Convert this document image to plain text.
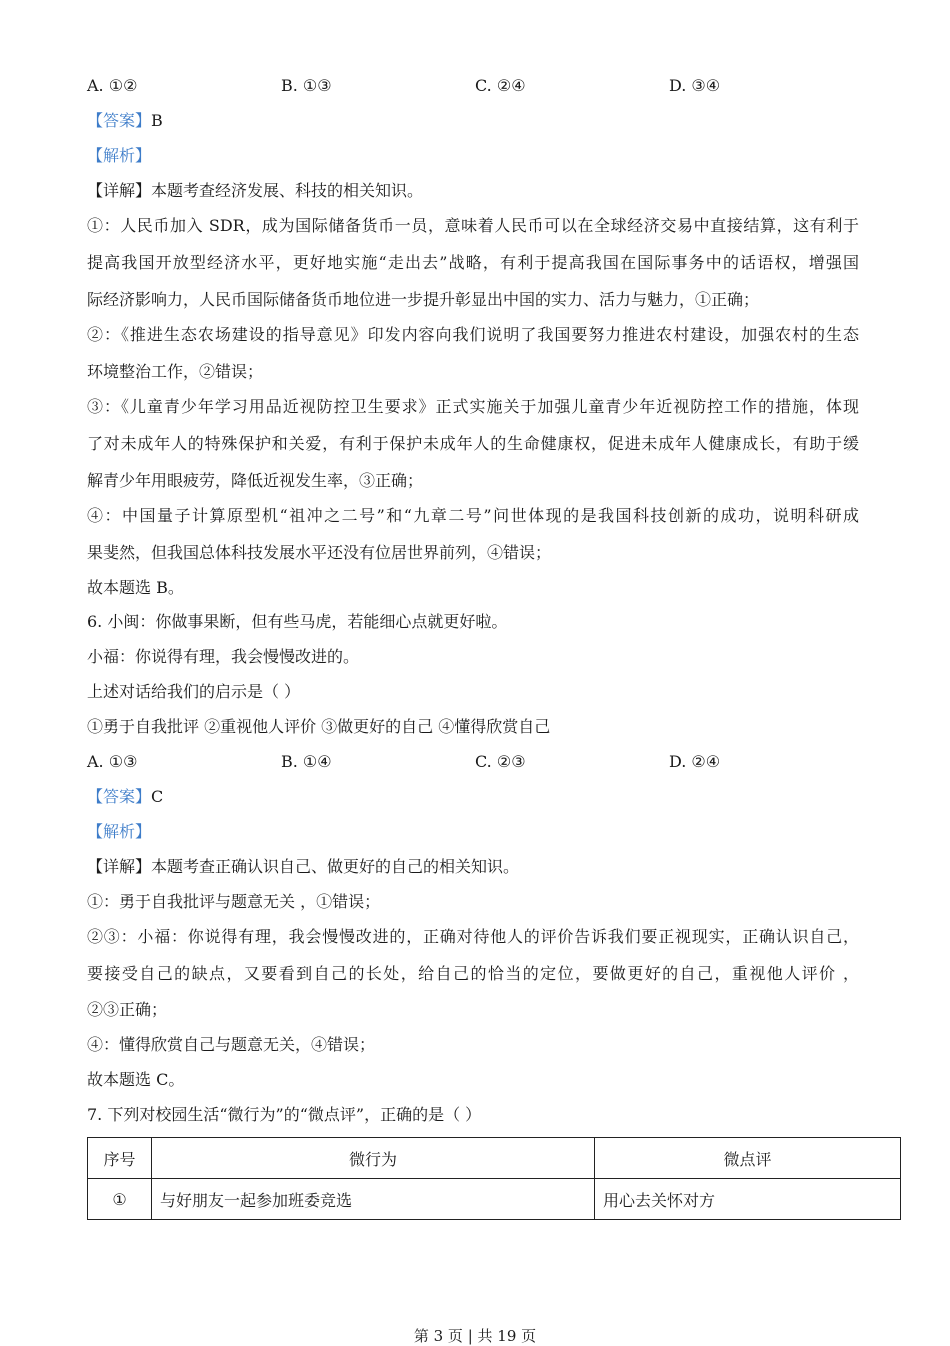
A. ①②	B. ①③	C. ②④	D. ③④
【答案】B
【解析】
【详解】本题考查经济发展、科技的相关知识。
①：人民币加入 SDR，成为国际储备货币一员，意味着人民币可以在全球经济交易中直接结算，这有利于
提高我国开放型经济水平，更好地实施“走出去”战略，有利于提高我国在国际事务中的话语权，增强国
际经济影响力，人民币国际储备货币地位进一步提升彰显出中国的实力、活力与魅力，①正确；
②：《推进生态农场建设的指导意见》印发内容向我们说明了我国要努力推进农村建设，加强农村的生态
环境整治工作，②错误；
③：《儿童青少年学习用品近视防控卫生要求》正式实施关于加强儿童青少年近视防控工作的措施，体现
了对未成年人的特殊保护和关爱，有利于保护未成年人的生命健康权，促进未成年人健康成长，有助于缓
解青少年用眼疲劳，降低近视发生率，③正确；
④：中国量子计算原型机“祖冲之二号”和“九章二号”问世体现的是我国科技创新的成功，说明科研成
果斐然，但我国总体科技发展水平还没有位居世界前列，④错误；
故本题选 B。
6. 小闽：你做事果断，但有些马虎，若能细心点就更好啦。
小福：你说得有理，我会慢慢改进的。
上述对话给我们的启示是（ ）
①勇于自我批评 ②重视他人评价 ③做更好的自己 ④懂得欣赏自己
A. ①③	B. ①④	C. ②③	D. ②④
【答案】C
【解析】
【详解】本题考查正确认识自己、做更好的自己的相关知识。
①：勇于自我批评与题意无关 ，①错误；
②③：小福：你说得有理，我会慢慢改进的，正确对待他人的评价告诉我们要正视现实，正确认识自己，
要接受自己的缺点，又要看到自己的长处，给自己的恰当的定位，要做更好的自己，重视他人评价 ，
②③正确；
④：懂得欣赏自己与题意无关，④错误；
故本题选 C。
7. 下列对校园生活“微行为”的“微点评”，正确的是（ ）
序号	微行为	微点评
①	与好朋友一起参加班委竞选	用心去关怀对方
第 3 页 | 共 19 页
